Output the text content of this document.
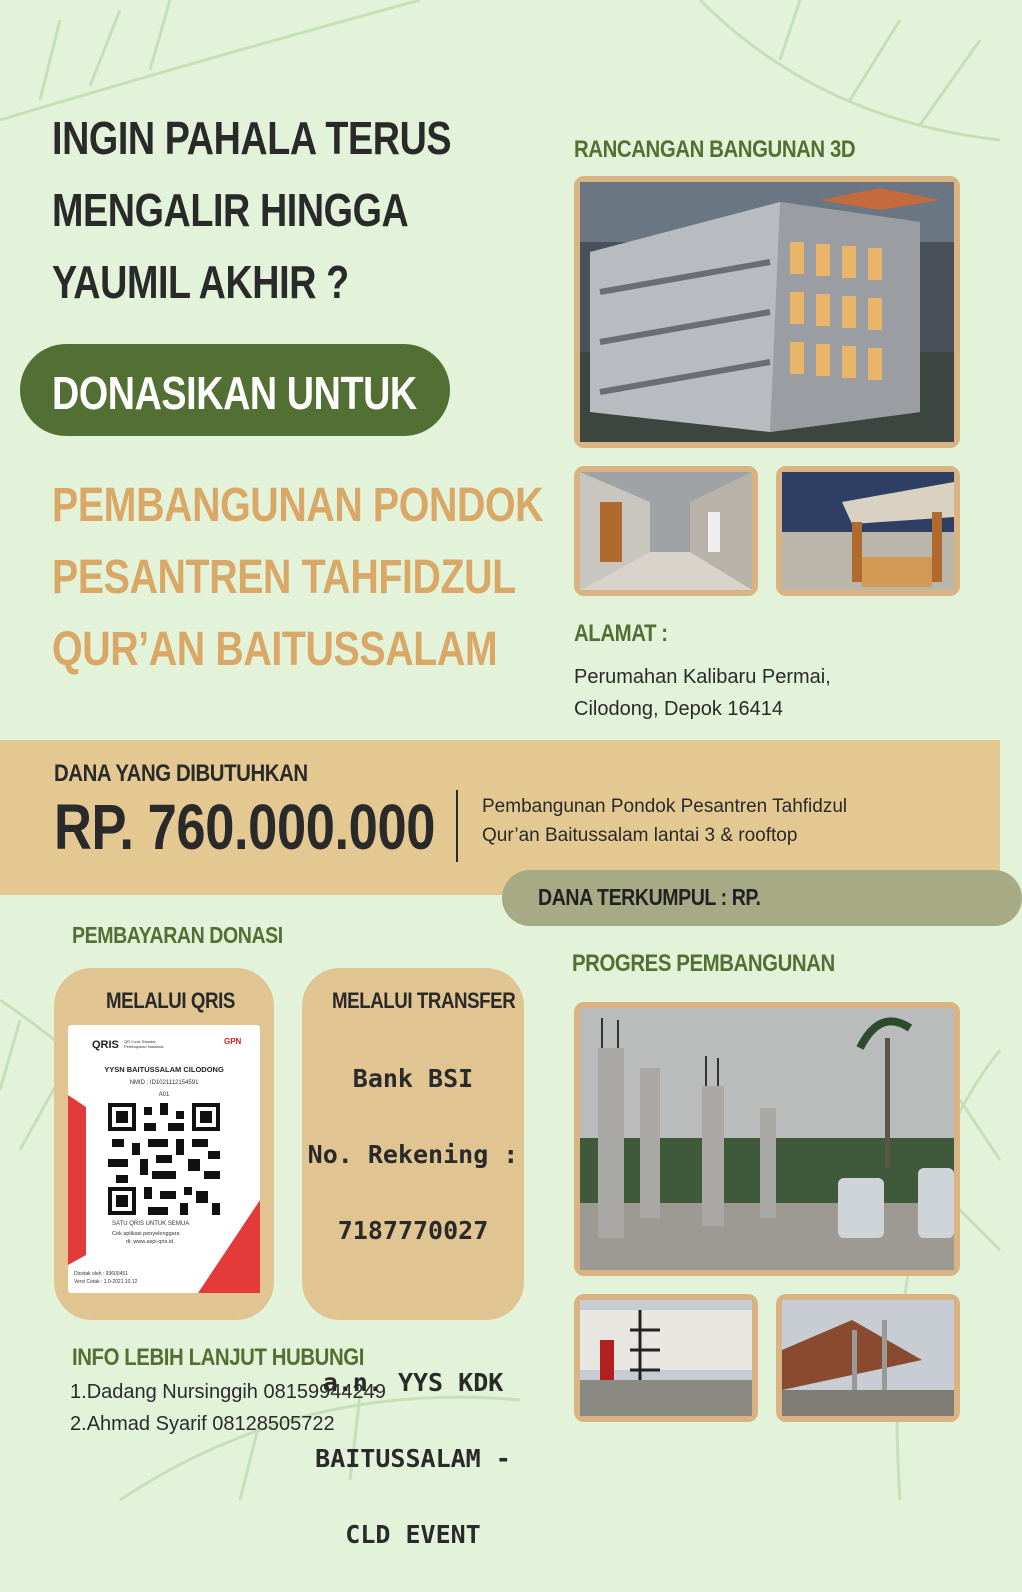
INGIN PAHALA TERUS
MENGALIR HINGGA
YAUMIL AKHIR ?
DONASIKAN UNTUK
PEMBANGUNAN PONDOK
PESANTREN TAHFIDZUL
QUR’AN BAITUSSALAM
RANCANGAN BANGUNAN 3D
ALAMAT :
Perumahan Kalibaru Permai,
Cilodong, Depok 16414
DANA YANG DIBUTUHKAN
RP. 760.000.000 Pembangunan Pondok Pesantren Tahfidzul
Qur’an Baitussalam lantai 3 & rooftop
DANA TERKUMPUL : RP.
PEMBAYARAN DONASI
MELALUI QRIS
QRIS QR Code Standar Pembayaran Nasional
GPN
YYSN BAITUSSALAM CILODONG
NMID : ID1021112154591
A01
SATU QRIS UNTUK SEMUA
Cek aplikasi penyelenggara
di: www.aspi-qris.id
Dicetak oleh : 93600451
Versi Cetak : 1.0-2021.10.12
MELALUI TRANSFER

Bank BSI

No. Rekening :

7187770027

a.n. YYS KDK

BAITUSSALAM -

CLD EVENT

INFO LEBIH LANJUT HUBUNGI
1.Dadang Nursinggih 08159944249
2.Ahmad Syarif 08128505722
PROGRES PEMBANGUNAN
